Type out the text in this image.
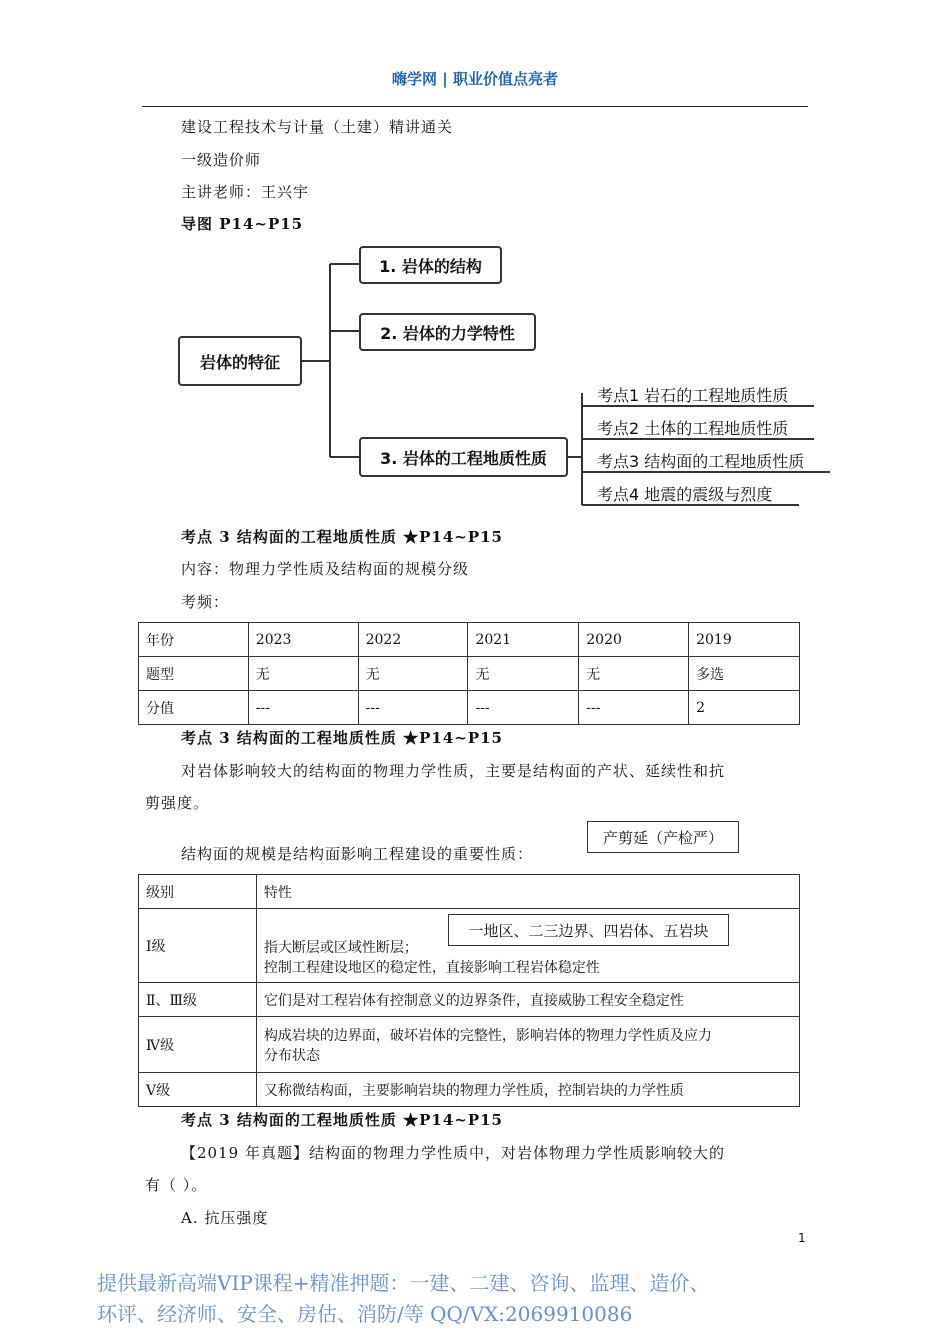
嗨学网 | 职业价值点亮者
建设工程技术与计量（土建）精讲通关
一级造价师
主讲老师：王兴宇
导图 P14~P15
岩体的特征
1. 岩体的结构
2. 岩体的力学特性
3. 岩体的工程地质性质
考点1 岩石的工程地质性质
考点2 土体的工程地质性质
考点3 结构面的工程地质性质
考点4 地震的震级与烈度
考点 3 结构面的工程地质性质 ★P14~P15
内容：物理力学性质及结构面的规模分级
考频：
年份	2023	2022	2021	2020	2019
题型	无	无	无	无	多选
分值	---	---	---	---	2
考点 3 结构面的工程地质性质 ★P14~P15
对岩体影响较大的结构面的物理力学性质，主要是结构面的产状、延续性和抗
剪强度。
结构面的规模是结构面影响工程建设的重要性质：
产剪延（产检严）
级别	特性
Ⅰ级	指大断层或区域性断层；
控制工程建设地区的稳定性，直接影响工程岩体稳定性

Ⅱ、Ⅲ级	它们是对工程岩体有控制意义的边界条件，直接威胁工程安全稳定性
Ⅳ级	构成岩块的边界面，破坏岩体的完整性，影响岩体的物理力学性质及应力
分布状态

Ⅴ级	又称微结构面，主要影响岩块的物理力学性质，控制岩块的力学性质
一地区、二三边界、四岩体、五岩块
考点 3 结构面的工程地质性质 ★P14~P15
【2019 年真题】结构面的物理力学性质中，对岩体物理力学性质影响较大的
有（ ）。
A. 抗压强度
1
提供最新高端VIP课程+精准押题：一建、二建、咨询、监理、造价、
环评、经济师、安全、房估、消防/等 QQ/VX:2069910086
